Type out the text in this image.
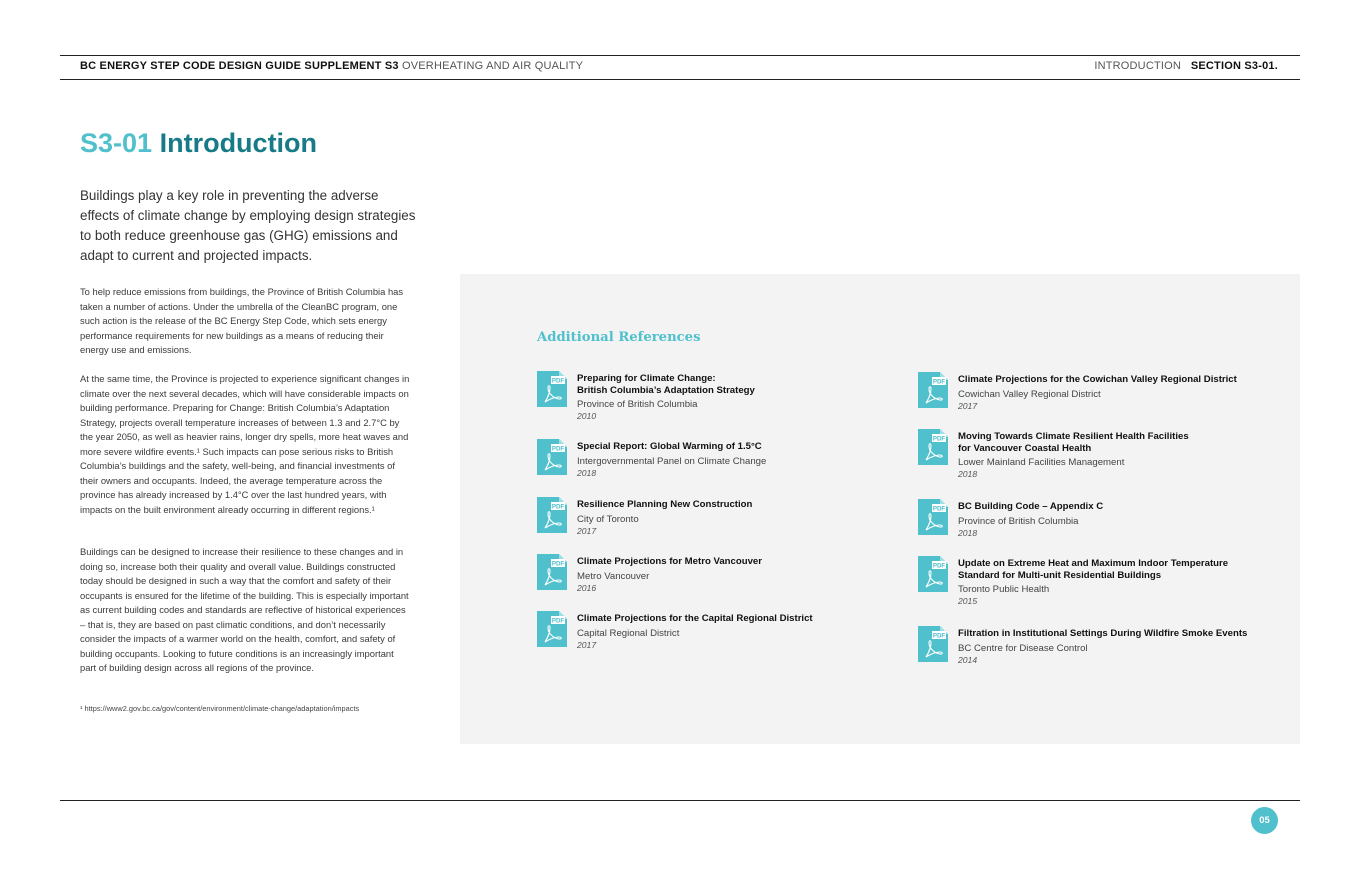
BC ENERGY STEP CODE DESIGN GUIDE SUPPLEMENT S3 OVERHEATING AND AIR QUALITY	INTRODUCTION SECTION S3-01.
S3-01 Introduction

Buildings play a key role in preventing the adverse effects of climate change by employing design strategies to both reduce greenhouse gas (GHG) emissions and adapt to current and projected impacts.

To help reduce emissions from buildings, the Province of British Columbia has taken a number of actions. Under the umbrella of the CleanBC program, one such action is the release of the BC Energy Step Code, which sets energy performance requirements for new buildings as a means of reducing their energy use and emissions.

At the same time, the Province is projected to experience significant changes in climate over the next several decades, which will have considerable impacts on building performance. Preparing for Change: British Columbia’s Adaptation Strategy, projects overall temperature increases of between 1.3 and 2.7°C by the year 2050, as well as heavier rains, longer dry spells, more heat waves and more severe wildfire events.¹ Such impacts can pose serious risks to British Columbia’s buildings and the safety, well-being, and financial investments of their owners and occupants. Indeed, the average temperature across the province has already increased by 1.4°C over the last hundred years, with impacts on the built environment already occurring in different regions.¹

Buildings can be designed to increase their resilience to these changes and in doing so, increase both their quality and overall value. Buildings constructed today should be designed in such a way that the comfort and safety of their occupants is ensured for the lifetime of the building. This is especially important as current building codes and standards are reflective of historical experiences – that is, they are based on past climatic conditions, and don’t necessarily consider the impacts of a warmer world on the health, comfort, and safety of building occupants. Looking to future conditions is an increasingly important part of building design across all regions of the province.

¹ https://www2.gov.bc.ca/gov/content/environment/climate-change/adaptation/impacts

Additional References
PDF Preparing for Climate Change:
British Columbia’s Adaptation Strategy
Province of British Columbia
2010
PDF Special Report: Global Warming of 1.5°C
Intergovernmental Panel on Climate Change
2018
PDF Resilience Planning New Construction
City of Toronto
2017
PDF Climate Projections for Metro Vancouver
Metro Vancouver
2016
PDF Climate Projections for the Capital Regional District
Capital Regional District
2017
PDF Climate Projections for the Cowichan Valley Regional District
Cowichan Valley Regional District
2017
PDF Moving Towards Climate Resilient Health Facilities
for Vancouver Coastal Health
Lower Mainland Facilities Management
2018
PDF BC Building Code – Appendix C
Province of British Columbia
2018
PDF Update on Extreme Heat and Maximum Indoor Temperature
Standard for Multi-unit Residential Buildings
Toronto Public Health
2015
PDF Filtration in Institutional Settings During Wildfire Smoke Events
BC Centre for Disease Control
2014
05
